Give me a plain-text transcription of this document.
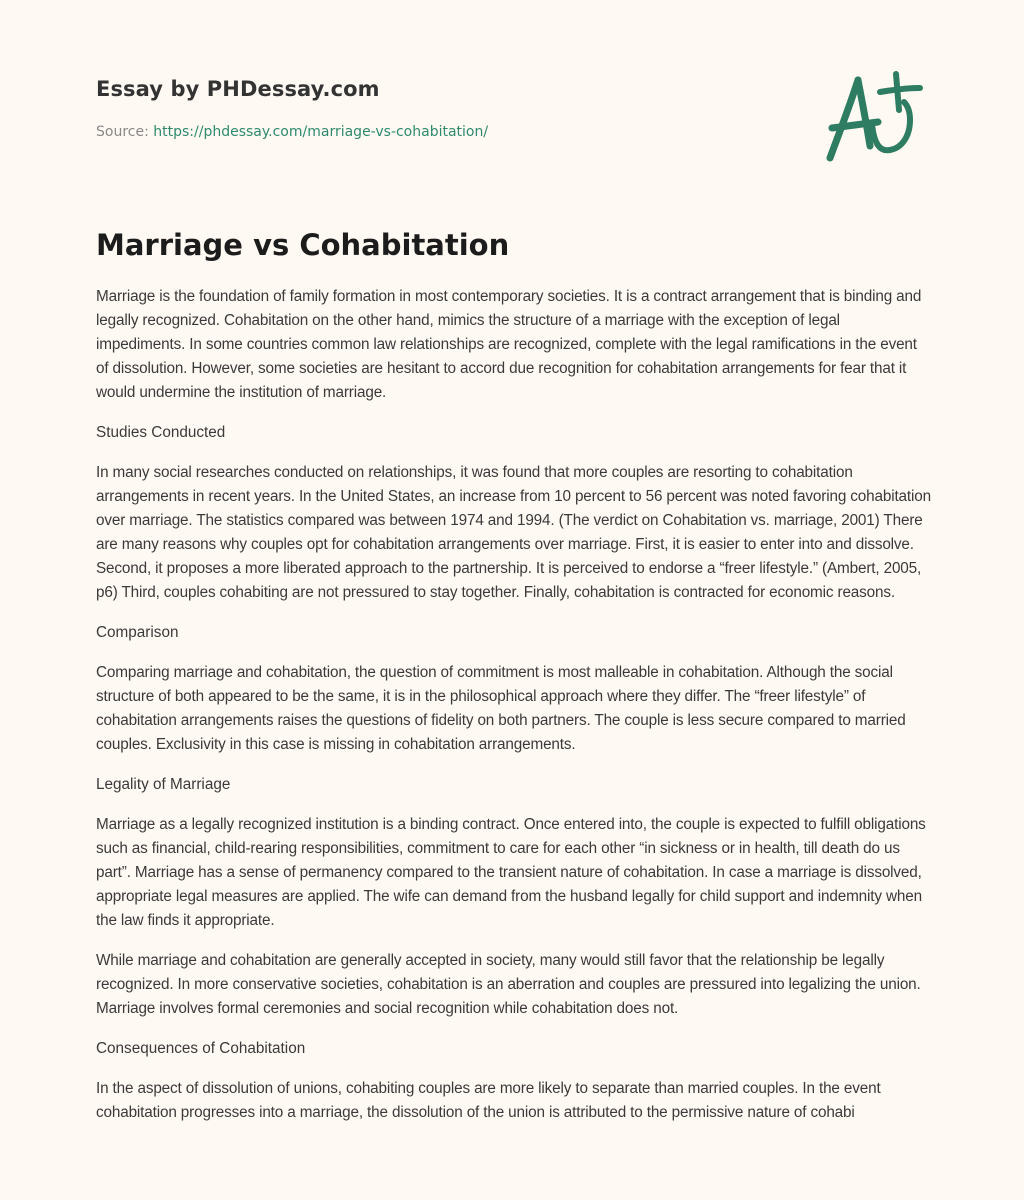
Essay by PHDessay.com
Source: https://phdessay.com/marriage-vs-cohabitation/
Marriage vs Cohabitation

Marriage is the foundation of family formation in most contemporary societies. It is a contract arrangement that is binding and legally recognized. Cohabitation on the other hand, mimics the structure of a marriage with the exception of legal impediments. In some countries common law relationships are recognized, complete with the legal ramifications in the event of dissolution. However, some societies are hesitant to accord due recognition for cohabitation arrangements for fear that it would undermine the institution of marriage.

Studies Conducted

In many social researches conducted on relationships, it was found that more couples are resorting to cohabitation arrangements in recent years. In the United States, an increase from 10 percent to 56 percent was noted favoring cohabitation over marriage. The statistics compared was between 1974 and 1994. (The verdict on Cohabitation vs. marriage, 2001) There are many reasons why couples opt for cohabitation arrangements over marriage. First, it is easier to enter into and dissolve. Second, it proposes a more liberated approach to the partnership. It is perceived to endorse a “freer lifestyle.” (Ambert, 2005, p6) Third, couples cohabiting are not pressured to stay together. Finally, cohabitation is contracted for economic reasons.

Comparison

Comparing marriage and cohabitation, the question of commitment is most malleable in cohabitation. Although the social structure of both appeared to be the same, it is in the philosophical approach where they differ. The “freer lifestyle” of cohabitation arrangements raises the questions of fidelity on both partners. The couple is less secure compared to married couples. Exclusivity in this case is missing in cohabitation arrangements.

Legality of Marriage

Marriage as a legally recognized institution is a binding contract. Once entered into, the couple is expected to fulfill obligations such as financial, child-rearing responsibilities, commitment to care for each other “in sickness or in health, till death do us part”. Marriage has a sense of permanency compared to the transient nature of cohabitation. In case a marriage is dissolved, appropriate legal measures are applied. The wife can demand from the husband legally for child support and indemnity when the law finds it appropriate.

While marriage and cohabitation are generally accepted in society, many would still favor that the relationship be legally recognized. In more conservative societies, cohabitation is an aberration and couples are pressured into legalizing the union. Marriage involves formal ceremonies and social recognition while cohabitation does not.

Consequences of Cohabitation

In the aspect of dissolution of unions, cohabiting couples are more likely to separate than married couples. In the event cohabitation progresses into a marriage, the dissolution of the union is attributed to the permissive nature of cohabi
